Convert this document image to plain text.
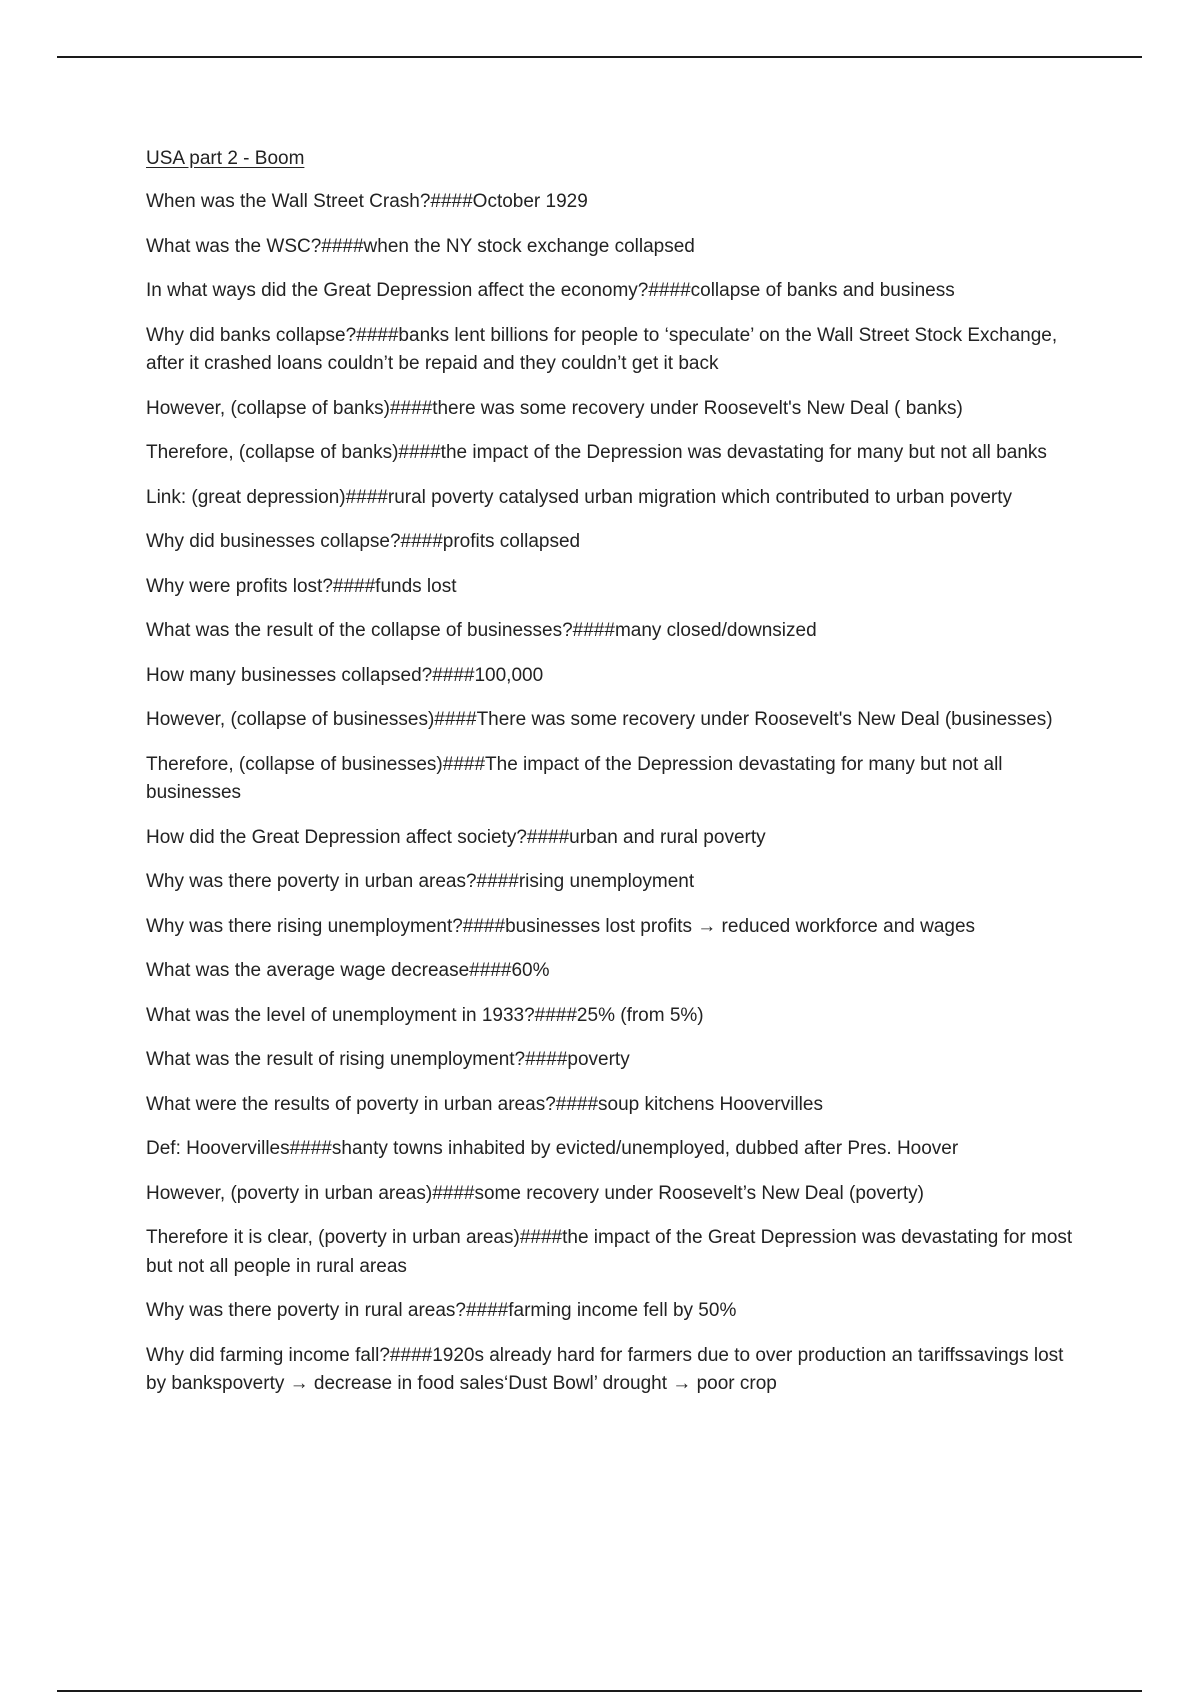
USA part 2 - Boom
When was the Wall Street Crash?####October 1929
What was the WSC?####when the NY stock exchange collapsed
In what ways did the Great Depression affect the economy?####collapse of banks and business
Why did banks collapse?####banks lent billions for people to ‘speculate’ on the Wall Street Stock Exchange, after it crashed loans couldn’t be repaid and they couldn’t get it back
However, (collapse of banks)####there was some recovery under Roosevelt's New Deal ( banks)
Therefore, (collapse of banks)####the impact of the Depression was devastating for many but not all banks
Link: (great depression)####rural poverty catalysed urban migration which contributed to urban poverty
Why did businesses collapse?####profits collapsed
Why were profits lost?####funds lost
What was the result of the collapse of businesses?####many closed/downsized
How many businesses collapsed?####100,000
However, (collapse of businesses)####There was some recovery under Roosevelt's New Deal (businesses)
Therefore, (collapse of businesses)####The impact of the Depression devastating for many but not all businesses
How did the Great Depression affect society?####urban and rural poverty
Why was there poverty in urban areas?####rising unemployment
Why was there rising unemployment?####businesses lost profits → reduced workforce and wages
What was the average wage decrease####60%
What was the level of unemployment in 1933?####25% (from 5%)
What was the result of rising unemployment?####poverty
What were the results of poverty in urban areas?####soup kitchens Hoovervilles
Def: Hoovervilles####shanty towns inhabited by evicted/unemployed, dubbed after Pres. Hoover
However, (poverty in urban areas)####some recovery under Roosevelt’s New Deal (poverty)
Therefore it is clear, (poverty in urban areas)####the impact of the Great Depression was devastating for most but not all people in rural areas
Why was there poverty in rural areas?####farming income fell by 50%
Why did farming income fall?####1920s already hard for farmers due to over production an tariffssavings lost by bankspoverty → decrease in food sales‘Dust Bowl’ drought → poor crop
